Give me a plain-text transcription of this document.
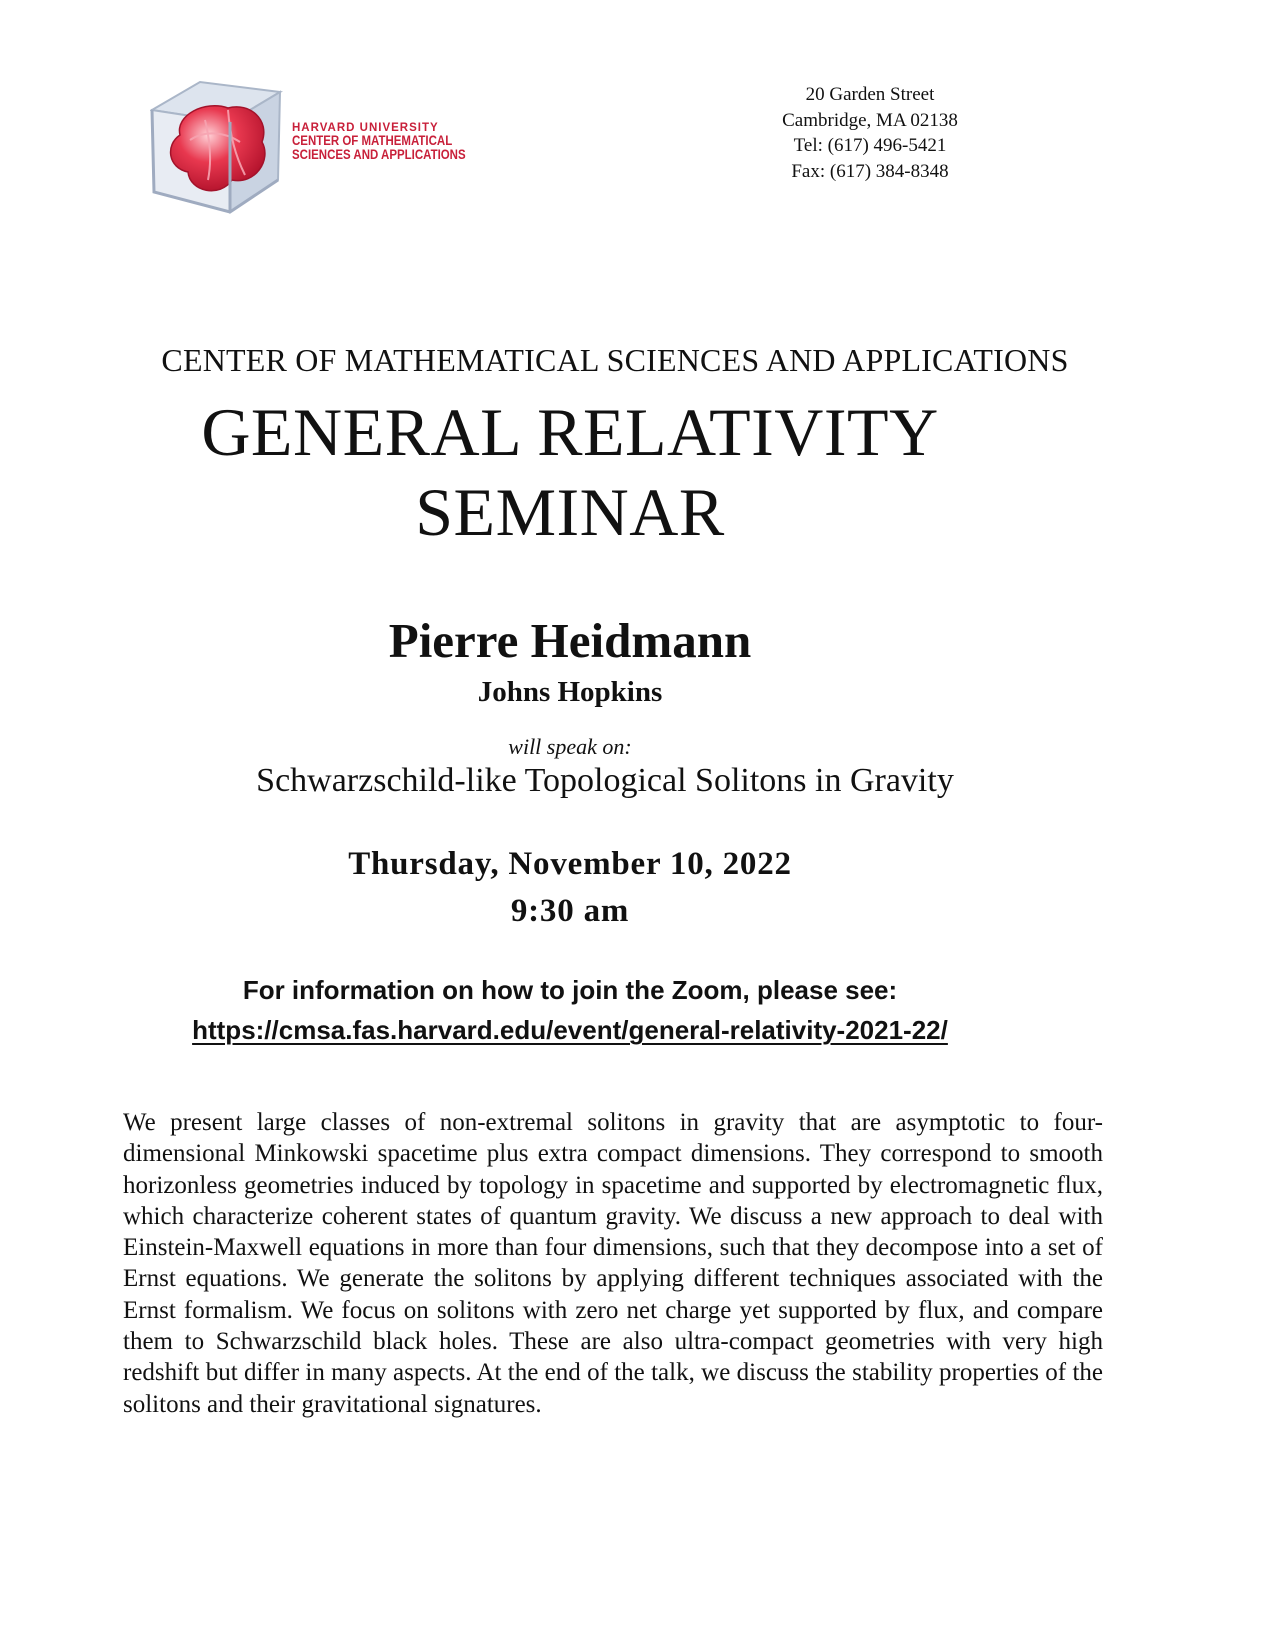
HARVARD UNIVERSITY
CENTER OF MATHEMATICAL
SCIENCES AND APPLICATIONS
20 Garden Street
Cambridge, MA 02138
Tel: (617) 496-5421
Fax: (617) 384-8348
CENTER OF MATHEMATICAL SCIENCES AND APPLICATIONS
GENERAL RELATIVITY
SEMINAR
Pierre Heidmann
Johns Hopkins
will speak on:
Schwarzschild-like Topological Solitons in Gravity
Thursday, November 10, 2022
9:30 am
For information on how to join the Zoom, please see:
https://cmsa.fas.harvard.edu/event/general-relativity-2021-22/
We present large classes of non-extremal solitons in gravity that are asymptotic to four-dimensional Minkowski spacetime plus extra compact dimensions. They correspond to smooth horizonless geometries induced by topology in spacetime and supported by electromagnetic flux, which characterize coherent states of quantum gravity. We discuss a new approach to deal with Einstein-Maxwell equations in more than four dimensions, such that they decompose into a set of Ernst equations. We generate the solitons by applying different techniques associated with the Ernst formalism. We focus on solitons with zero net charge yet supported by flux, and compare them to Schwarzschild black holes. These are also ultra-compact geometries with very high redshift but differ in many aspects. At the end of the talk, we discuss the stability properties of the solitons and their gravitational signatures.
